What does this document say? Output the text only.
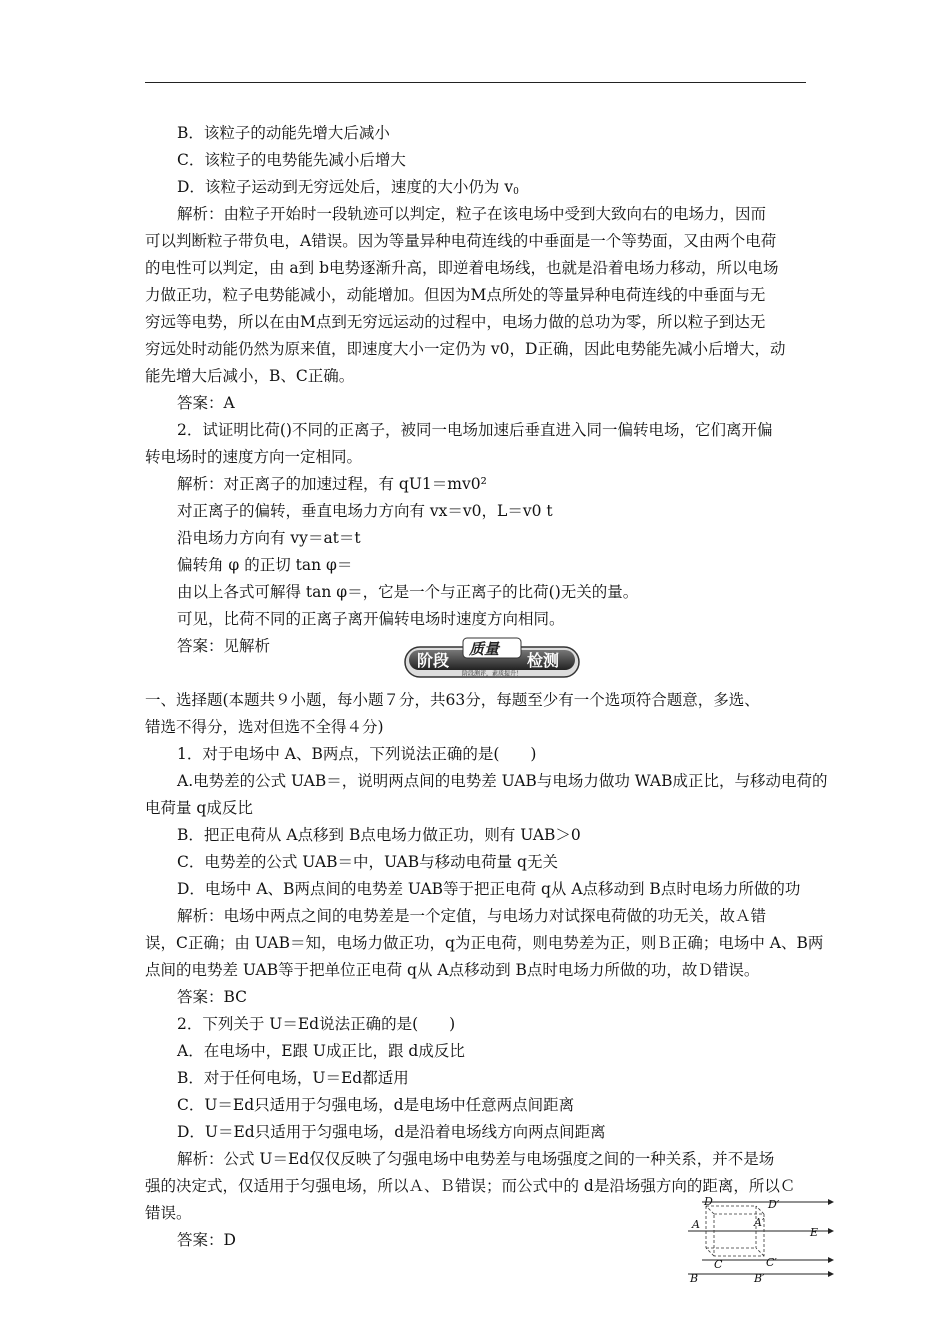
B．该粒子的动能先增大后减小
C．该粒子的电势能先减小后增大
D．该粒子运动到无穷远处后，速度的大小仍为 $v_0$
解析：由粒子开始时一段轨迹可以判定，粒子在该电场中受到大致向右的电场力，因而
可以判断粒子带负电，A错误。因为等量异种电荷连线的中垂面是一个等势面，又由两个电荷
的电性可以判定，由 a到 b电势逐渐升高，即逆着电场线，也就是沿着电场力移动，所以电场
力做正功，粒子电势能减小，动能增加。但因为M点所处的等量异种电荷连线的中垂面与无
穷远等电势，所以在由M点到无穷远运动的过程中，电场力做的总功为零，所以粒子到达无
穷远处时动能仍然为原来值，即速度大小一定仍为 v0，D正确，因此电势能先减小后增大，动
能先增大后减小，B、C正确。
答案：A
2．试证明比荷()不同的正离子，被同一电场加速后垂直进入同一偏转电场，它们离开偏
转电场时的速度方向一定相同。
解析：对正离子的加速过程，有 qU1＝mv0²
对正离子的偏转，垂直电场力方向有 vx＝v0，L＝v0 t
沿电场力方向有 vy＝at＝t
偏转角 φ 的正切 tan φ＝
由以上各式可解得 tan φ＝，它是一个与正离子的比荷()无关的量。
可见，比荷不同的正离子离开偏转电场时速度方向相同。
答案：见解析
阶段
质量
检测
阶段测评，素质提升！
一、选择题(本题共９小题，每小题７分，共63分，每题至少有一个选项符合题意，多选、
错选不得分，选对但选不全得４分)
1．对于电场中 A、B两点，下列说法正确的是(　　)
A.电势差的公式 UAB＝，说明两点间的电势差 UAB与电场力做功 WAB成正比，与移动电荷的
电荷量 q成反比
B．把正电荷从 A点移到 B点电场力做正功，则有 UAB＞0
C．电势差的公式 UAB＝中，UAB与移动电荷量 q无关
D．电场中 A、B两点间的电势差 UAB等于把正电荷 q从 A点移动到 B点时电场力所做的功
解析：电场中两点之间的电势差是一个定值，与电场力对试探电荷做的功无关，故Ａ错
误，C正确；由 UAB＝知，电场力做正功，q为正电荷，则电势差为正，则Ｂ正确；电场中 A、B两
点间的电势差 UAB等于把单位正电荷 q从 A点移动到 B点时电场力所做的功，故Ｄ错误。
答案：BC
2．下列关于 U＝Ed说法正确的是(　　)
A．在电场中，E跟 U成正比，跟 d成反比
B．对于任何电场，U＝Ed都适用
C．U＝Ed只适用于匀强电场，d是电场中任意两点间距离
D．U＝Ed只适用于匀强电场，d是沿着电场线方向两点间距离
解析：公式 U＝Ed仅仅反映了匀强电场中电势差与电场强度之间的一种关系，并不是场
强的决定式，仅适用于匀强电场，所以Ａ、Ｂ错误；而公式中的 d是沿场强方向的距离，所以Ｃ
错误。
答案：D
D	D′
A	A′
E
C	C′
B	B′
